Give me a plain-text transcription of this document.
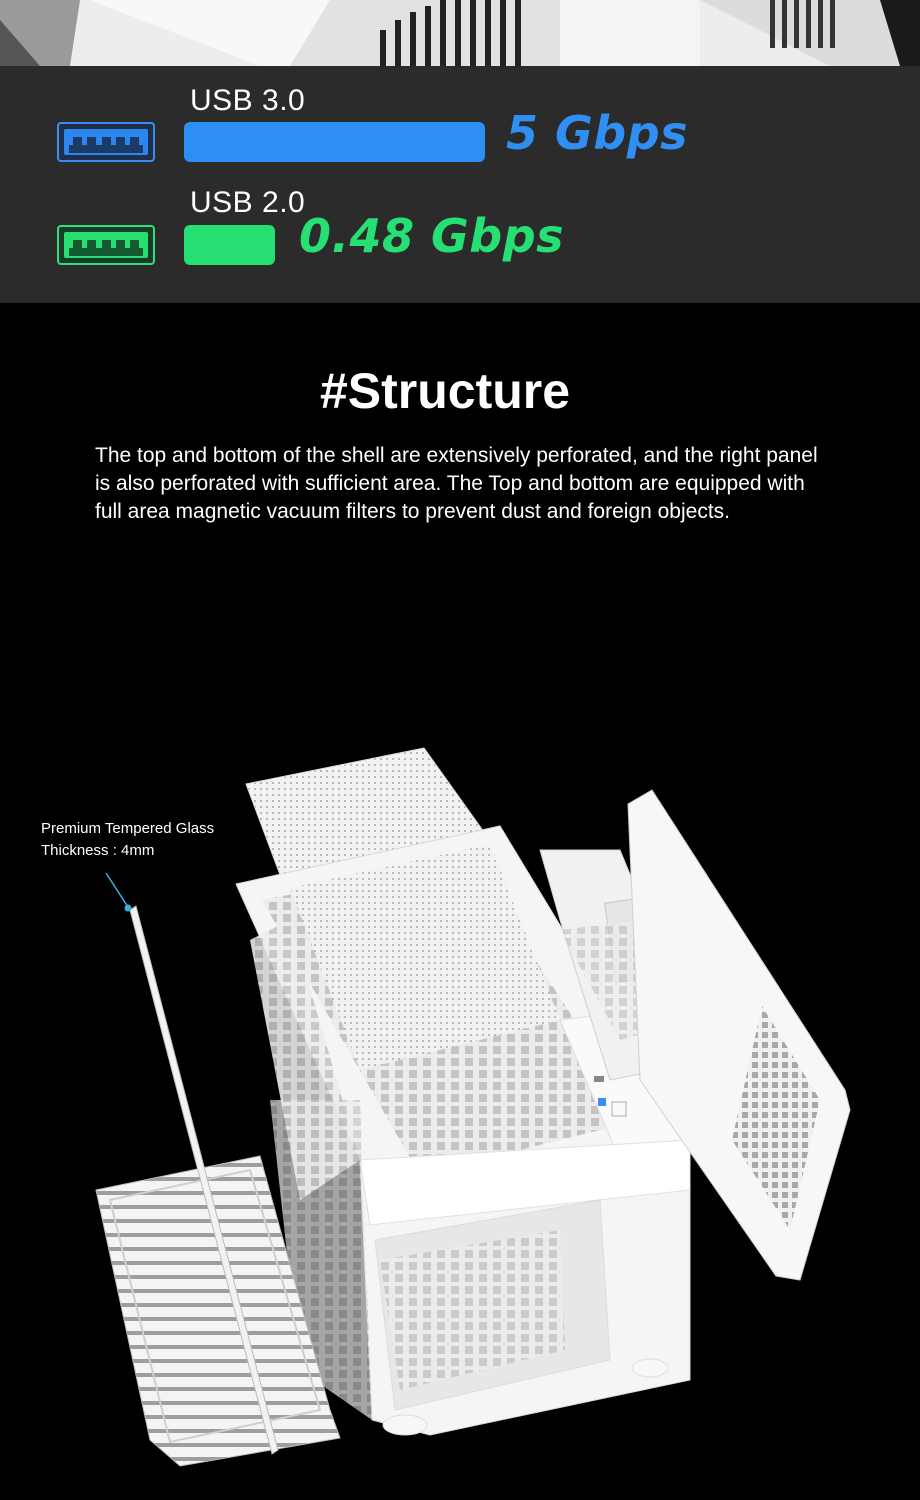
USB 3.0
5 Gbps
USB 2.0
0.48 Gbps
#Structure

The top and bottom of the shell are extensively perforated, and the right panel is also perforated with sufficient area. The Top and bottom are equipped with full area magnetic vacuum filters to prevent dust and foreign objects.

Premium Tempered Glass
Thickness : 4mm
